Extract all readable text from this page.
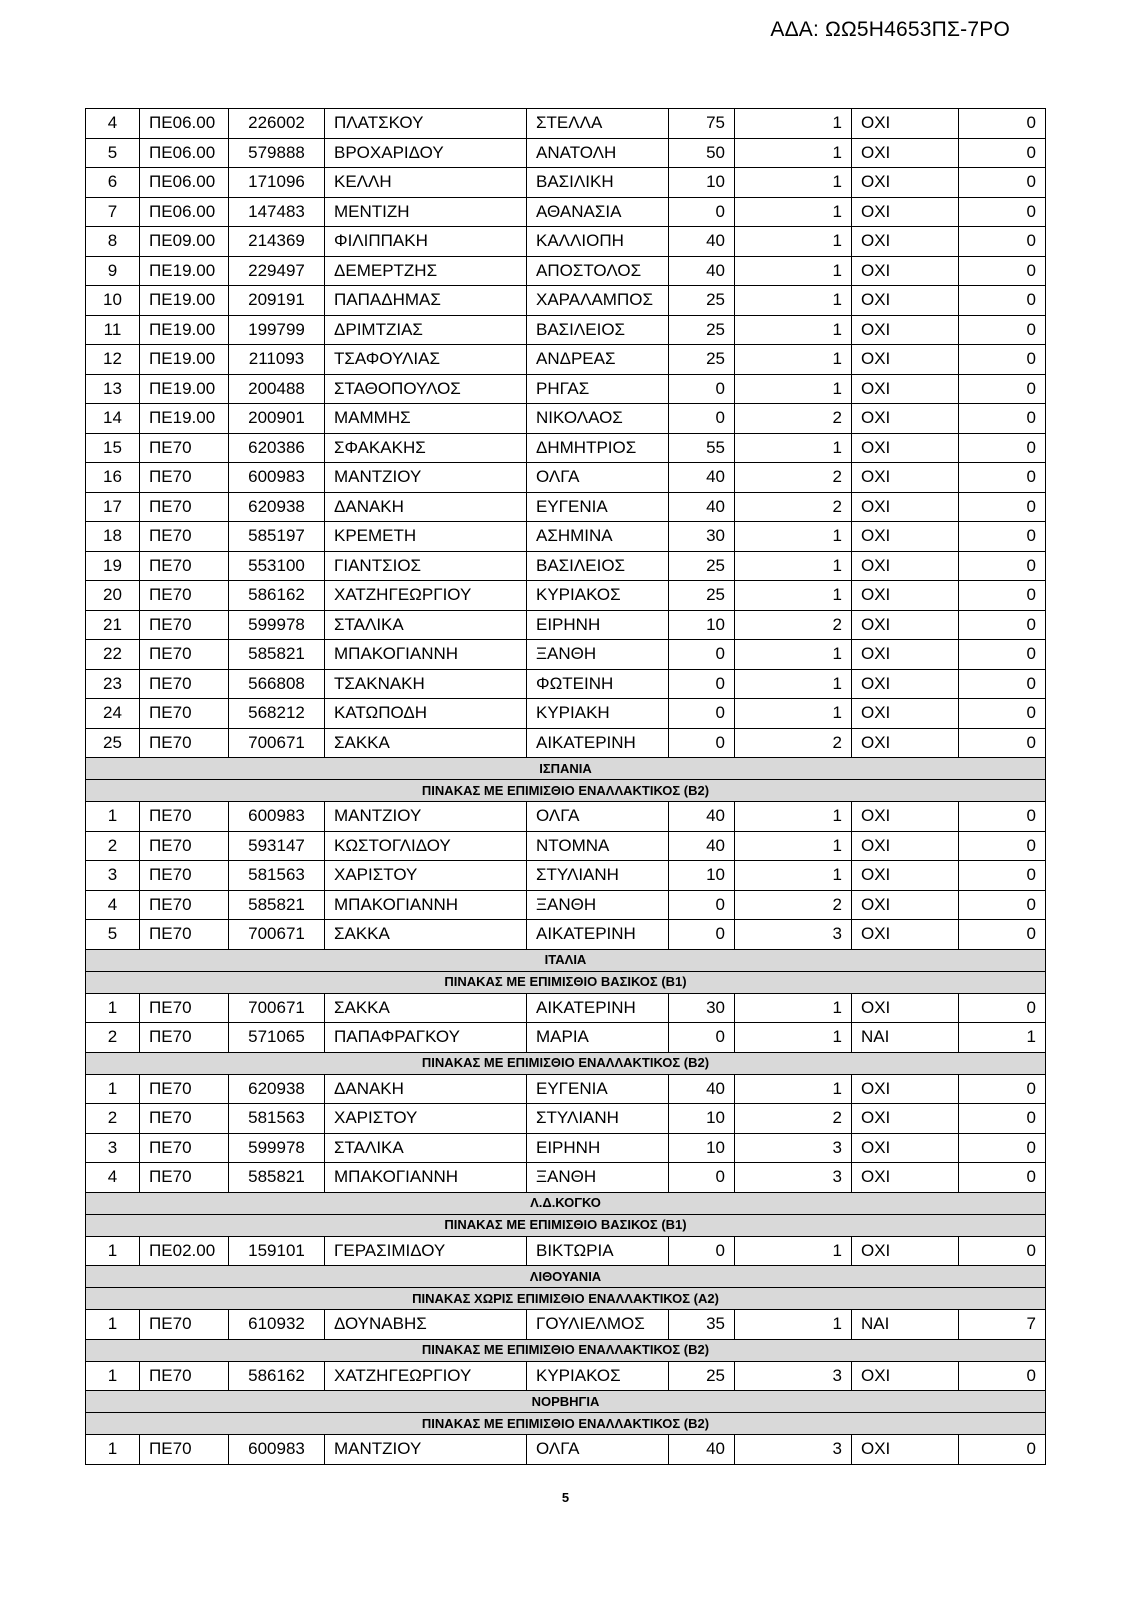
ΑΔΑ: ΩΩ5Η4653ΠΣ-7ΡΟ
4	ΠΕ06.00	226002	ΠΛΑΤΣΚΟΥ	ΣΤΕΛΛΑ	75	1	ΟΧΙ	0
5	ΠΕ06.00	579888	ΒΡΟΧΑΡΙΔΟΥ	ΑΝΑΤΟΛΗ	50	1	ΟΧΙ	0
6	ΠΕ06.00	171096	ΚΕΛΛΗ	ΒΑΣΙΛΙΚΗ	10	1	ΟΧΙ	0
7	ΠΕ06.00	147483	ΜΕΝΤΙΖΗ	ΑΘΑΝΑΣΙΑ	0	1	ΟΧΙ	0
8	ΠΕ09.00	214369	ΦΙΛΙΠΠΑΚΗ	ΚΑΛΛΙΟΠΗ	40	1	ΟΧΙ	0
9	ΠΕ19.00	229497	ΔΕΜΕΡΤΖΗΣ	ΑΠΟΣΤΟΛΟΣ	40	1	ΟΧΙ	0
10	ΠΕ19.00	209191	ΠΑΠΑΔΗΜΑΣ	ΧΑΡΑΛΑΜΠΟΣ	25	1	ΟΧΙ	0
11	ΠΕ19.00	199799	ΔΡΙΜΤΖΙΑΣ	ΒΑΣΙΛΕΙΟΣ	25	1	ΟΧΙ	0
12	ΠΕ19.00	211093	ΤΣΑΦΟΥΛΙΑΣ	ΑΝΔΡΕΑΣ	25	1	ΟΧΙ	0
13	ΠΕ19.00	200488	ΣΤΑΘΟΠΟΥΛΟΣ	ΡΗΓΑΣ	0	1	ΟΧΙ	0
14	ΠΕ19.00	200901	ΜΑΜΜΗΣ	ΝΙΚΟΛΑΟΣ	0	2	ΟΧΙ	0
15	ΠΕ70	620386	ΣΦΑΚΑΚΗΣ	ΔΗΜΗΤΡΙΟΣ	55	1	ΟΧΙ	0
16	ΠΕ70	600983	ΜΑΝΤΖΙΟΥ	ΟΛΓΑ	40	2	ΟΧΙ	0
17	ΠΕ70	620938	ΔΑΝΑΚΗ	ΕΥΓΕΝΙΑ	40	2	ΟΧΙ	0
18	ΠΕ70	585197	ΚΡΕΜΕΤΗ	ΑΣΗΜΙΝΑ	30	1	ΟΧΙ	0
19	ΠΕ70	553100	ΓΙΑΝΤΣΙΟΣ	ΒΑΣΙΛΕΙΟΣ	25	1	ΟΧΙ	0
20	ΠΕ70	586162	ΧΑΤΖΗΓΕΩΡΓΙΟΥ	ΚΥΡΙΑΚΟΣ	25	1	ΟΧΙ	0
21	ΠΕ70	599978	ΣΤΑΛΙΚΑ	ΕΙΡΗΝΗ	10	2	ΟΧΙ	0
22	ΠΕ70	585821	ΜΠΑΚΟΓΙΑΝΝΗ	ΞΑΝΘΗ	0	1	ΟΧΙ	0
23	ΠΕ70	566808	ΤΣΑΚΝΑΚΗ	ΦΩΤΕΙΝΗ	0	1	ΟΧΙ	0
24	ΠΕ70	568212	ΚΑΤΩΠΟΔΗ	ΚΥΡΙΑΚΗ	0	1	ΟΧΙ	0
25	ΠΕ70	700671	ΣΑΚΚΑ	ΑΙΚΑΤΕΡΙΝΗ	0	2	ΟΧΙ	0
ΙΣΠΑΝΙΑ								
ΠΙΝΑΚΑΣ ΜΕ ΕΠΙΜΙΣΘΙΟ ΕΝΑΛΛΑΚΤΙΚΟΣ (Β2)								
1	ΠΕ70	600983	ΜΑΝΤΖΙΟΥ	ΟΛΓΑ	40	1	ΟΧΙ	0
2	ΠΕ70	593147	ΚΩΣΤΟΓΛΙΔΟΥ	ΝΤΟΜΝΑ	40	1	ΟΧΙ	0
3	ΠΕ70	581563	ΧΑΡΙΣΤΟΥ	ΣΤΥΛΙΑΝΗ	10	1	ΟΧΙ	0
4	ΠΕ70	585821	ΜΠΑΚΟΓΙΑΝΝΗ	ΞΑΝΘΗ	0	2	ΟΧΙ	0
5	ΠΕ70	700671	ΣΑΚΚΑ	ΑΙΚΑΤΕΡΙΝΗ	0	3	ΟΧΙ	0
ΙΤΑΛΙΑ								
ΠΙΝΑΚΑΣ ΜΕ ΕΠΙΜΙΣΘΙΟ ΒΑΣΙΚΟΣ (Β1)								
1	ΠΕ70	700671	ΣΑΚΚΑ	ΑΙΚΑΤΕΡΙΝΗ	30	1	ΟΧΙ	0
2	ΠΕ70	571065	ΠΑΠΑΦΡΑΓΚΟΥ	ΜΑΡΙΑ	0	1	ΝΑΙ	1
ΠΙΝΑΚΑΣ ΜΕ ΕΠΙΜΙΣΘΙΟ ΕΝΑΛΛΑΚΤΙΚΟΣ (Β2)								
1	ΠΕ70	620938	ΔΑΝΑΚΗ	ΕΥΓΕΝΙΑ	40	1	ΟΧΙ	0
2	ΠΕ70	581563	ΧΑΡΙΣΤΟΥ	ΣΤΥΛΙΑΝΗ	10	2	ΟΧΙ	0
3	ΠΕ70	599978	ΣΤΑΛΙΚΑ	ΕΙΡΗΝΗ	10	3	ΟΧΙ	0
4	ΠΕ70	585821	ΜΠΑΚΟΓΙΑΝΝΗ	ΞΑΝΘΗ	0	3	ΟΧΙ	0
Λ.Δ.ΚΟΓΚΟ								
ΠΙΝΑΚΑΣ ΜΕ ΕΠΙΜΙΣΘΙΟ ΒΑΣΙΚΟΣ (Β1)								
1	ΠΕ02.00	159101	ΓΕΡΑΣΙΜΙΔΟΥ	ΒΙΚΤΩΡΙΑ	0	1	ΟΧΙ	0
ΛΙΘΟΥΑΝΙΑ								
ΠΙΝΑΚΑΣ ΧΩΡΙΣ ΕΠΙΜΙΣΘΙΟ ΕΝΑΛΛΑΚΤΙΚΟΣ (Α2)								
1	ΠΕ70	610932	ΔΟΥΝΑΒΗΣ	ΓΟΥΛΙΕΛΜΟΣ	35	1	ΝΑΙ	7
ΠΙΝΑΚΑΣ ΜΕ ΕΠΙΜΙΣΘΙΟ ΕΝΑΛΛΑΚΤΙΚΟΣ (Β2)								
1	ΠΕ70	586162	ΧΑΤΖΗΓΕΩΡΓΙΟΥ	ΚΥΡΙΑΚΟΣ	25	3	ΟΧΙ	0
ΝΟΡΒΗΓΙΑ								
ΠΙΝΑΚΑΣ ΜΕ ΕΠΙΜΙΣΘΙΟ ΕΝΑΛΛΑΚΤΙΚΟΣ (Β2)								
1	ΠΕ70	600983	ΜΑΝΤΖΙΟΥ	ΟΛΓΑ	40	3	ΟΧΙ	0
5
